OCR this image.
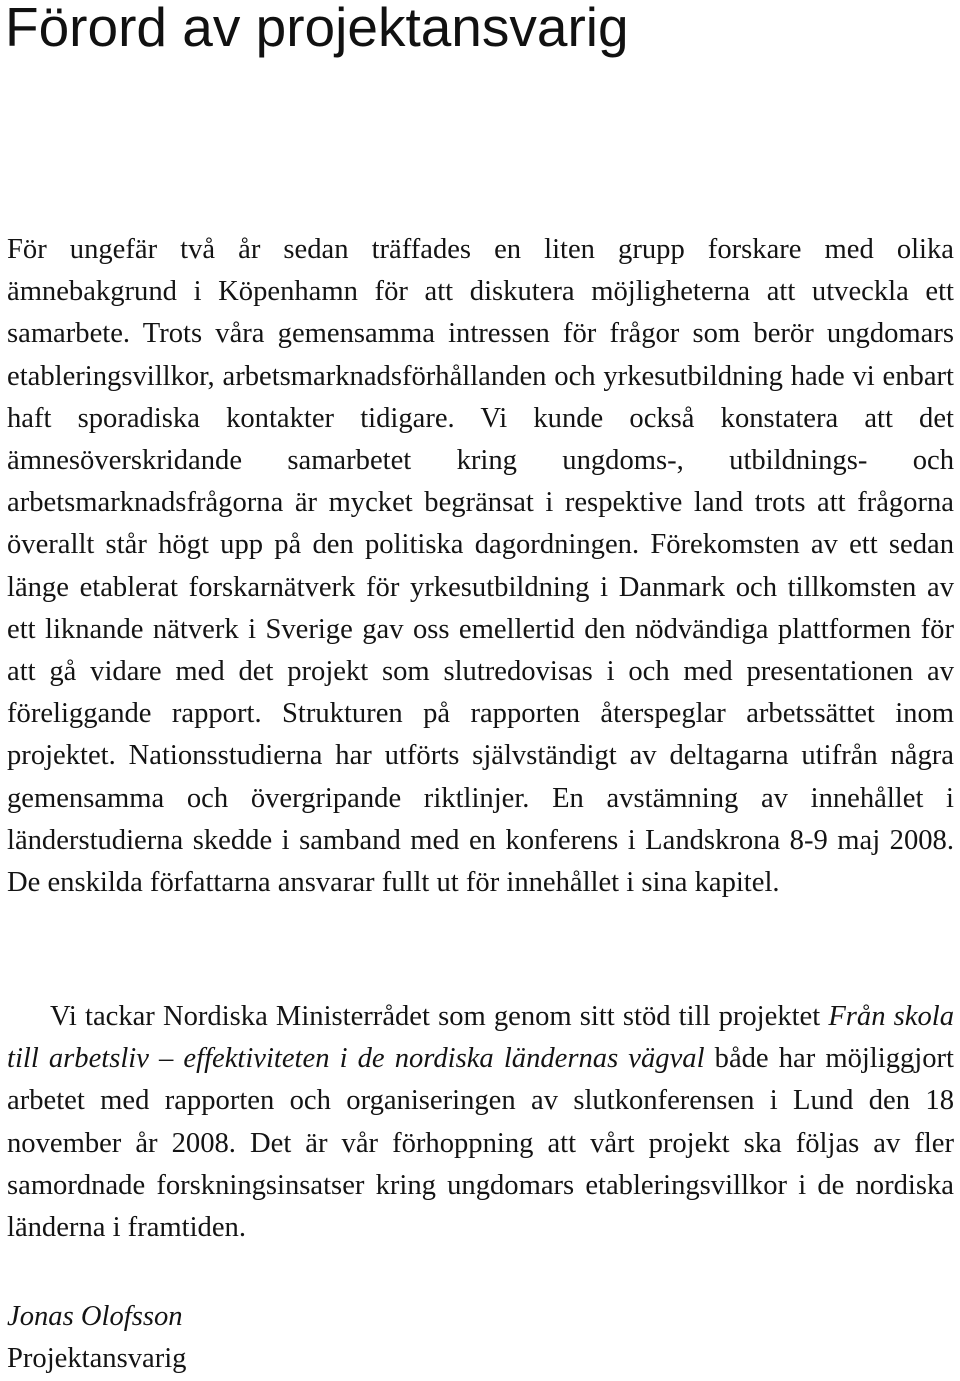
Förord av projektansvarig

För ungefär två år sedan träffades en liten grupp forskare med olika ämnebakgrund i Köpenhamn för att diskutera möjligheterna att utveckla ett samarbete. Trots våra gemensamma intressen för frågor som berör ungdomars etableringsvillkor, arbetsmarknadsförhållanden och yrkesutbildning hade vi enbart haft sporadiska kontakter tidigare. Vi kunde också konstatera att det ämnesöverskridande samarbetet kring ungdoms-, utbildnings- och arbetsmarknadsfrågorna är mycket begränsat i respektive land trots att frågorna överallt står högt upp på den politiska dagordningen. Förekomsten av ett sedan länge etablerat forskarnätverk för yrkesutbildning i Danmark och tillkomsten av ett liknande nätverk i Sverige gav oss emellertid den nödvändiga plattformen för att gå vidare med det projekt som slutredovisas i och med presentationen av föreliggande rapport. Strukturen på rapporten återspeglar arbetssättet inom projektet. Nationsstudierna har utförts självständigt av deltagarna utifrån några gemensamma och övergripande riktlinjer. En avstämning av innehållet i länderstudierna skedde i samband med en konferens i Landskrona 8-9 maj 2008. De enskilda författarna ansvarar fullt ut för innehållet i sina kapitel.

Vi tackar Nordiska Ministerrådet som genom sitt stöd till projektet Från skola till arbetsliv – effektiviteten i de nordiska ländernas vägval både har möjliggjort arbetet med rapporten och organiseringen av slutkonferensen i Lund den 18 november år 2008. Det är vår förhoppning att vårt projekt ska följas av fler samordnade forskningsinsatser kring ungdomars etableringsvillkor i de nordiska länderna i framtiden.

Jonas Olofsson
Projektansvarig
